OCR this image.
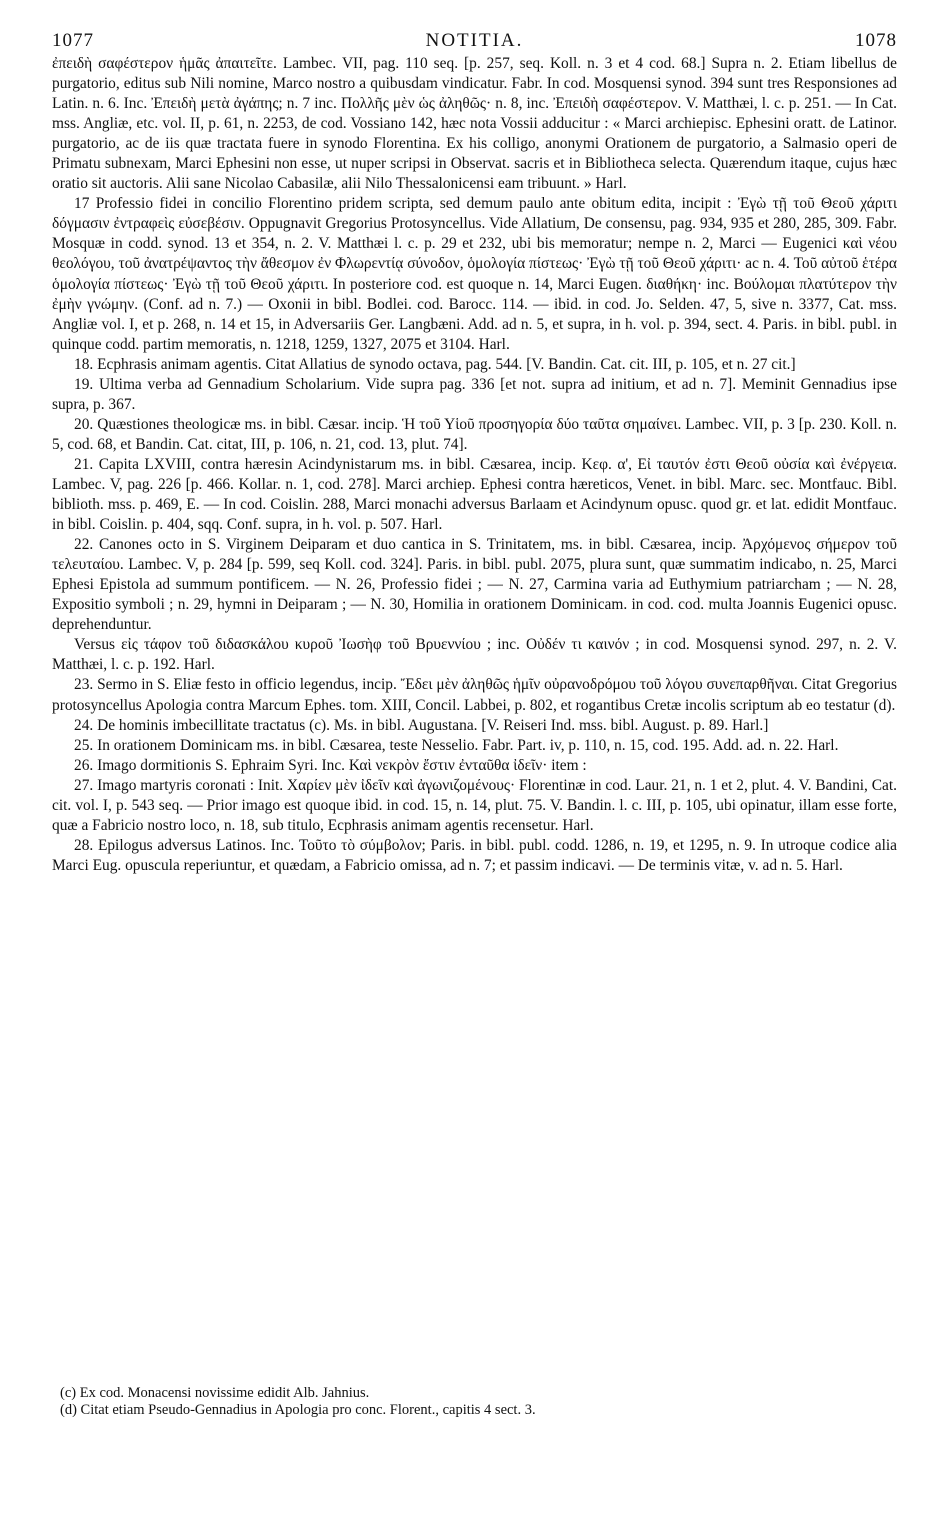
1077	NOTITIA.	1078

ἐπειδὴ σαφέστερον ἡμᾶς ἀπαιτεῖτε. Lambec. VII, pag. 110 seq. [p. 257, seq. Koll. n. 3 et 4 cod. 68.] Supra n. 2. Etiam libellus de purgatorio, editus sub Nili nomine, Marco nostro a quibusdam vindicatur. Fabr. In cod. Mosquensi synod. 394 sunt tres Responsiones ad Latin. n. 6. Inc. Ἐπειδὴ μετὰ ἀγάπης; n. 7 inc. Πολλῆς μὲν ὡς ἀληθῶς· n. 8, inc. Ἐπειδὴ σαφέστερον. V. Matthæi, l. c. p. 251. — In Cat. mss. Angliæ, etc. vol. II, p. 61, n. 2253, de cod. Vossiano 142, hæc nota Vossii adducitur : « Marci archiepisc. Ephesini oratt. de Latinor. purgatorio, ac de iis quæ tractata fuere in synodo Florentina. Ex his colligo, anonymi Orationem de purgatorio, a Salmasio operi de Primatu subnexam, Marci Ephesini non esse, ut nuper scripsi in Observat. sacris et in Bibliotheca selecta. Quærendum itaque, cujus hæc oratio sit auctoris. Alii sane Nicolao Cabasilæ, alii Nilo Thessalonicensi eam tribuunt. » Harl.

17 Professio fidei in concilio Florentino pridem scripta, sed demum paulo ante obitum edita, incipit : Ἐγὼ τῇ τοῦ Θεοῦ χάριτι δόγμασιν ἐντραφεὶς εὐσεβέσιν. Oppugnavit Gregorius Protosyncellus. Vide Allatium, De consensu, pag. 934, 935 et 280, 285, 309. Fabr. Mosquæ in codd. synod. 13 et 354, n. 2. V. Matthæi l. c. p. 29 et 232, ubi bis memoratur; nempe n. 2, Marci — Eugenici καὶ νέου θεολόγου, τοῦ ἀνατρέψαντος τὴν ἄθεσμον ἐν Φλωρεντίᾳ σύνοδον, ὁμολογία πίστεως· Ἐγὼ τῇ τοῦ Θεοῦ χάριτι· ac n. 4. Τοῦ αὐτοῦ ἑτέρα ὁμολογία πίστεως· Ἐγὼ τῇ τοῦ Θεοῦ χάριτι. In posteriore cod. est quoque n. 14, Marci Eugen. διαθήκη· inc. Βούλομαι πλατύτερον τὴν ἐμὴν γνώμην. (Conf. ad n. 7.) — Oxonii in bibl. Bodlei. cod. Barocc. 114. — ibid. in cod. Jo. Selden. 47, 5, sive n. 3377, Cat. mss. Angliæ vol. I, et p. 268, n. 14 et 15, in Adversariis Ger. Langbæni. Add. ad n. 5, et supra, in h. vol. p. 394, sect. 4. Paris. in bibl. publ. in quinque codd. partim memoratis, n. 1218, 1259, 1327, 2075 et 3104. Harl.

18. Ecphrasis animam agentis. Citat Allatius de synodo octava, pag. 544. [V. Bandin. Cat. cit. III, p. 105, et n. 27 cit.]

19. Ultima verba ad Gennadium Scholarium. Vide supra pag. 336 [et not. supra ad initium, et ad n. 7]. Meminit Gennadius ipse supra, p. 367.

20. Quæstiones theologicæ ms. in bibl. Cæsar. incip. Ἡ τοῦ Υἱοῦ προσηγορία δύο ταῦτα σημαίνει. Lambec. VII, p. 3 [p. 230. Koll. n. 5, cod. 68, et Bandin. Cat. citat, III, p. 106, n. 21, cod. 13, plut. 74].

21. Capita LXVIII, contra hæresin Acindynistarum ms. in bibl. Cæsarea, incip. Κεφ. α', Εἰ ταυτόν ἐστι Θεοῦ οὐσία καὶ ἐνέργεια. Lambec. V, pag. 226 [p. 466. Kollar. n. 1, cod. 278]. Marci archiep. Ephesi contra hæreticos, Venet. in bibl. Marc. sec. Montfauc. Bibl. biblioth. mss. p. 469, E. — In cod. Coislin. 288, Marci monachi adversus Barlaam et Acindynum opusc. quod gr. et lat. edidit Montfauc. in bibl. Coislin. p. 404, sqq. Conf. supra, in h. vol. p. 507. Harl.

22. Canones octo in S. Virginem Deiparam et duo cantica in S. Trinitatem, ms. in bibl. Cæsarea, incip. Ἀρχόμενος σήμερον τοῦ τελευταίου. Lambec. V, p. 284 [p. 599, seq Koll. cod. 324]. Paris. in bibl. publ. 2075, plura sunt, quæ summatim indicabo, n. 25, Marci Ephesi Epistola ad summum pontificem. — N. 26, Professio fidei ; — N. 27, Carmina varia ad Euthymium patriarcham ; — N. 28, Expositio symboli ; n. 29, hymni in Deiparam ; — N. 30, Homilia in orationem Dominicam. in cod. cod. multa Joannis Eugenici opusc. deprehenduntur.

Versus εἰς τάφον τοῦ διδασκάλου κυροῦ Ἰωσὴφ τοῦ Βρυεννίου ; inc. Οὐδέν τι καινόν ; in cod. Mosquensi synod. 297, n. 2. V. Matthæi, l. c. p. 192. Harl.

23. Sermo in S. Eliæ festo in officio legendus, incip. Ἔδει μὲν ἀληθῶς ἡμῖν οὐρανοδρόμου τοῦ λόγου συνεπαρθῆναι. Citat Gregorius protosyncellus Apologia contra Marcum Ephes. tom. XIII, Concil. Labbei, p. 802, et rogantibus Cretæ incolis scriptum ab eo testatur (d).

24. De hominis imbecillitate tractatus (c). Ms. in bibl. Augustana. [V. Reiseri Ind. mss. bibl. August. p. 89. Harl.]

25. In orationem Dominicam ms. in bibl. Cæsarea, teste Nesselio. Fabr. Part. iv, p. 110, n. 15, cod. 195. Add. ad. n. 22. Harl.

26. Imago dormitionis S. Ephraim Syri. Inc. Καὶ νεκρὸν ἔστιν ἐνταῦθα ἰδεῖν· item :

27. Imago martyris coronati : Init. Χαρίεν μὲν ἰδεῖν καὶ ἀγωνιζομένους· Florentinæ in cod. Laur. 21, n. 1 et 2, plut. 4. V. Bandini, Cat. cit. vol. I, p. 543 seq. — Prior imago est quoque ibid. in cod. 15, n. 14, plut. 75. V. Bandin. l. c. III, p. 105, ubi opinatur, illam esse forte, quæ a Fabricio nostro loco, n. 18, sub titulo, Ecphrasis animam agentis recensetur. Harl.

28. Epilogus adversus Latinos. Inc. Τοῦτο τὸ σύμβολον; Paris. in bibl. publ. codd. 1286, n. 19, et 1295, n. 9. In utroque codice alia Marci Eug. opuscula reperiuntur, et quædam, a Fabricio omissa, ad n. 7; et passim indicavi. — De terminis vitæ, v. ad n. 5. Harl.

(c) Ex cod. Monacensi novissime edidit Alb. Jahnius.

(d) Citat etiam Pseudo-Gennadius in Apologia pro conc. Florent., capitis 4 sect. 3.
